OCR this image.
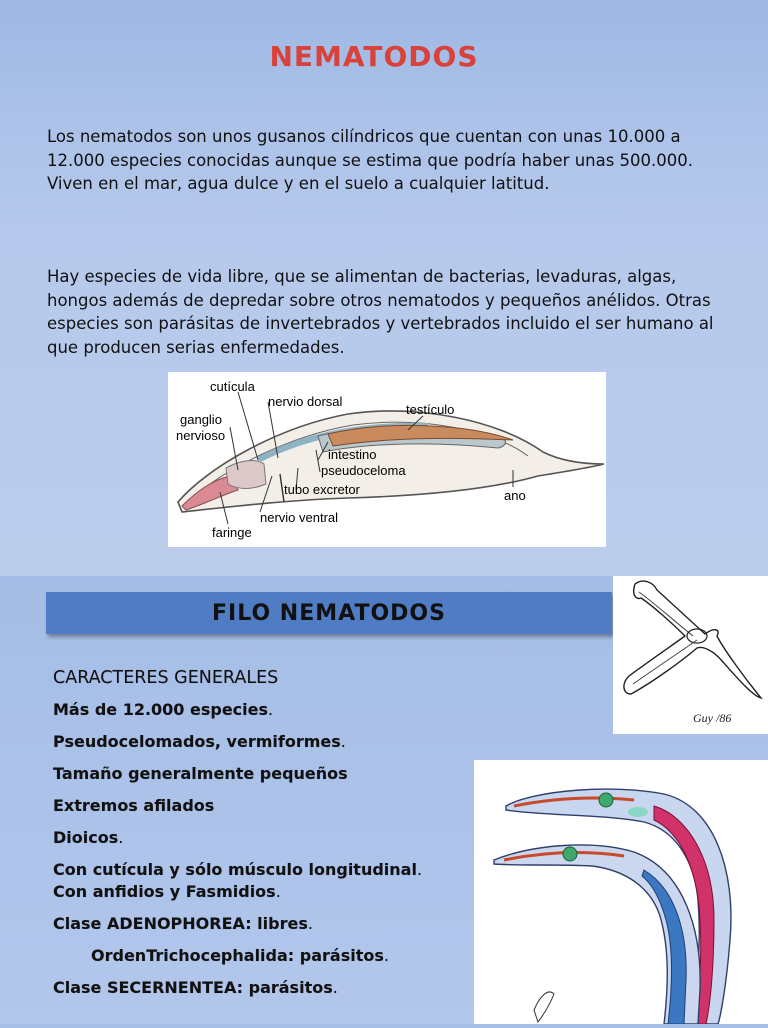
NEMATODOS
Los nematodos son unos gusanos cilíndricos que cuentan con unas 10.000 a 12.000 especies conocidas aunque se estima que podría haber unas 500.000. Viven en el mar, agua dulce y en el suelo a cualquier latitud.
Hay especies de vida libre, que se alimentan de bacterias, levaduras, algas, hongos además de depredar sobre otros nematodos y pequeños anélidos. Otras especies son parásitas de invertebrados y vertebrados incluido el ser humano al que producen serias enfermedades.
cutícula
nervio dorsal
ganglio
nervioso
testículo
intestino
pseudoceloma
tubo excretor	ano
nervio ventral
faringe
FILO NEMATODOS
CARACTERES GENERALES
Más de 12.000 especies.
Pseudocelomados, vermiformes.
Tamaño generalmente pequeños
Extremos afilados
Dioicos.
Con cutícula y sólo músculo longitudinal.
Con anfidios y Fasmidios.
Clase ADENOPHOREA: libres.
OrdenTrichocephalida: parásitos.
Clase SECERNENTEA: parásitos.
Guy /86
